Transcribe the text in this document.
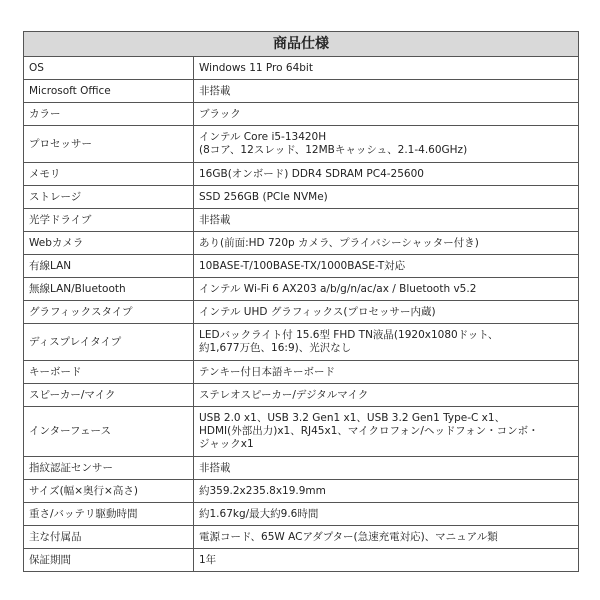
商品仕様	
OS	Windows 11 Pro 64bit
Microsoft Office	非搭載
カラー	ブラック
プロセッサー	インテル Core i5-13420H
(8コア、12スレッド、12MBキャッシュ、2.1-4.60GHz)
メモリ	16GB(オンボード) DDR4 SDRAM PC4-25600
ストレージ	SSD 256GB (PCIe NVMe)
光学ドライブ	非搭載
Webカメラ	あり(前面:HD 720p カメラ、プライバシーシャッター付き)
有線LAN	10BASE-T/100BASE-TX/1000BASE-T対応
無線LAN/Bluetooth	インテル Wi-Fi 6 AX203 a/b/g/n/ac/ax / Bluetooth v5.2
グラフィックスタイプ	インテル UHD グラフィックス(プロセッサー内蔵)
ディスプレイタイプ	LEDバックライト付 15.6型 FHD TN液晶(1920x1080ドット、
約1,677万色、16:9)、光沢なし
キーボード	テンキー付日本語キーボード
スピーカー/マイク	ステレオスピーカー/デジタルマイク
インターフェース	USB 2.0 x1、USB 3.2 Gen1 x1、USB 3.2 Gen1 Type-C x1、
HDMI(外部出力)x1、RJ45x1、マイクロフォン/ヘッドフォン・コンボ・
ジャックx1
指紋認証センサー	非搭載
サイズ(幅×奥行×高さ)	約359.2x235.8x19.9mm
重さ/バッテリ駆動時間	約1.67kg/最大約9.6時間
主な付属品	電源コード、65W ACアダプター(急速充電対応)、マニュアル類
保証期間	1年
